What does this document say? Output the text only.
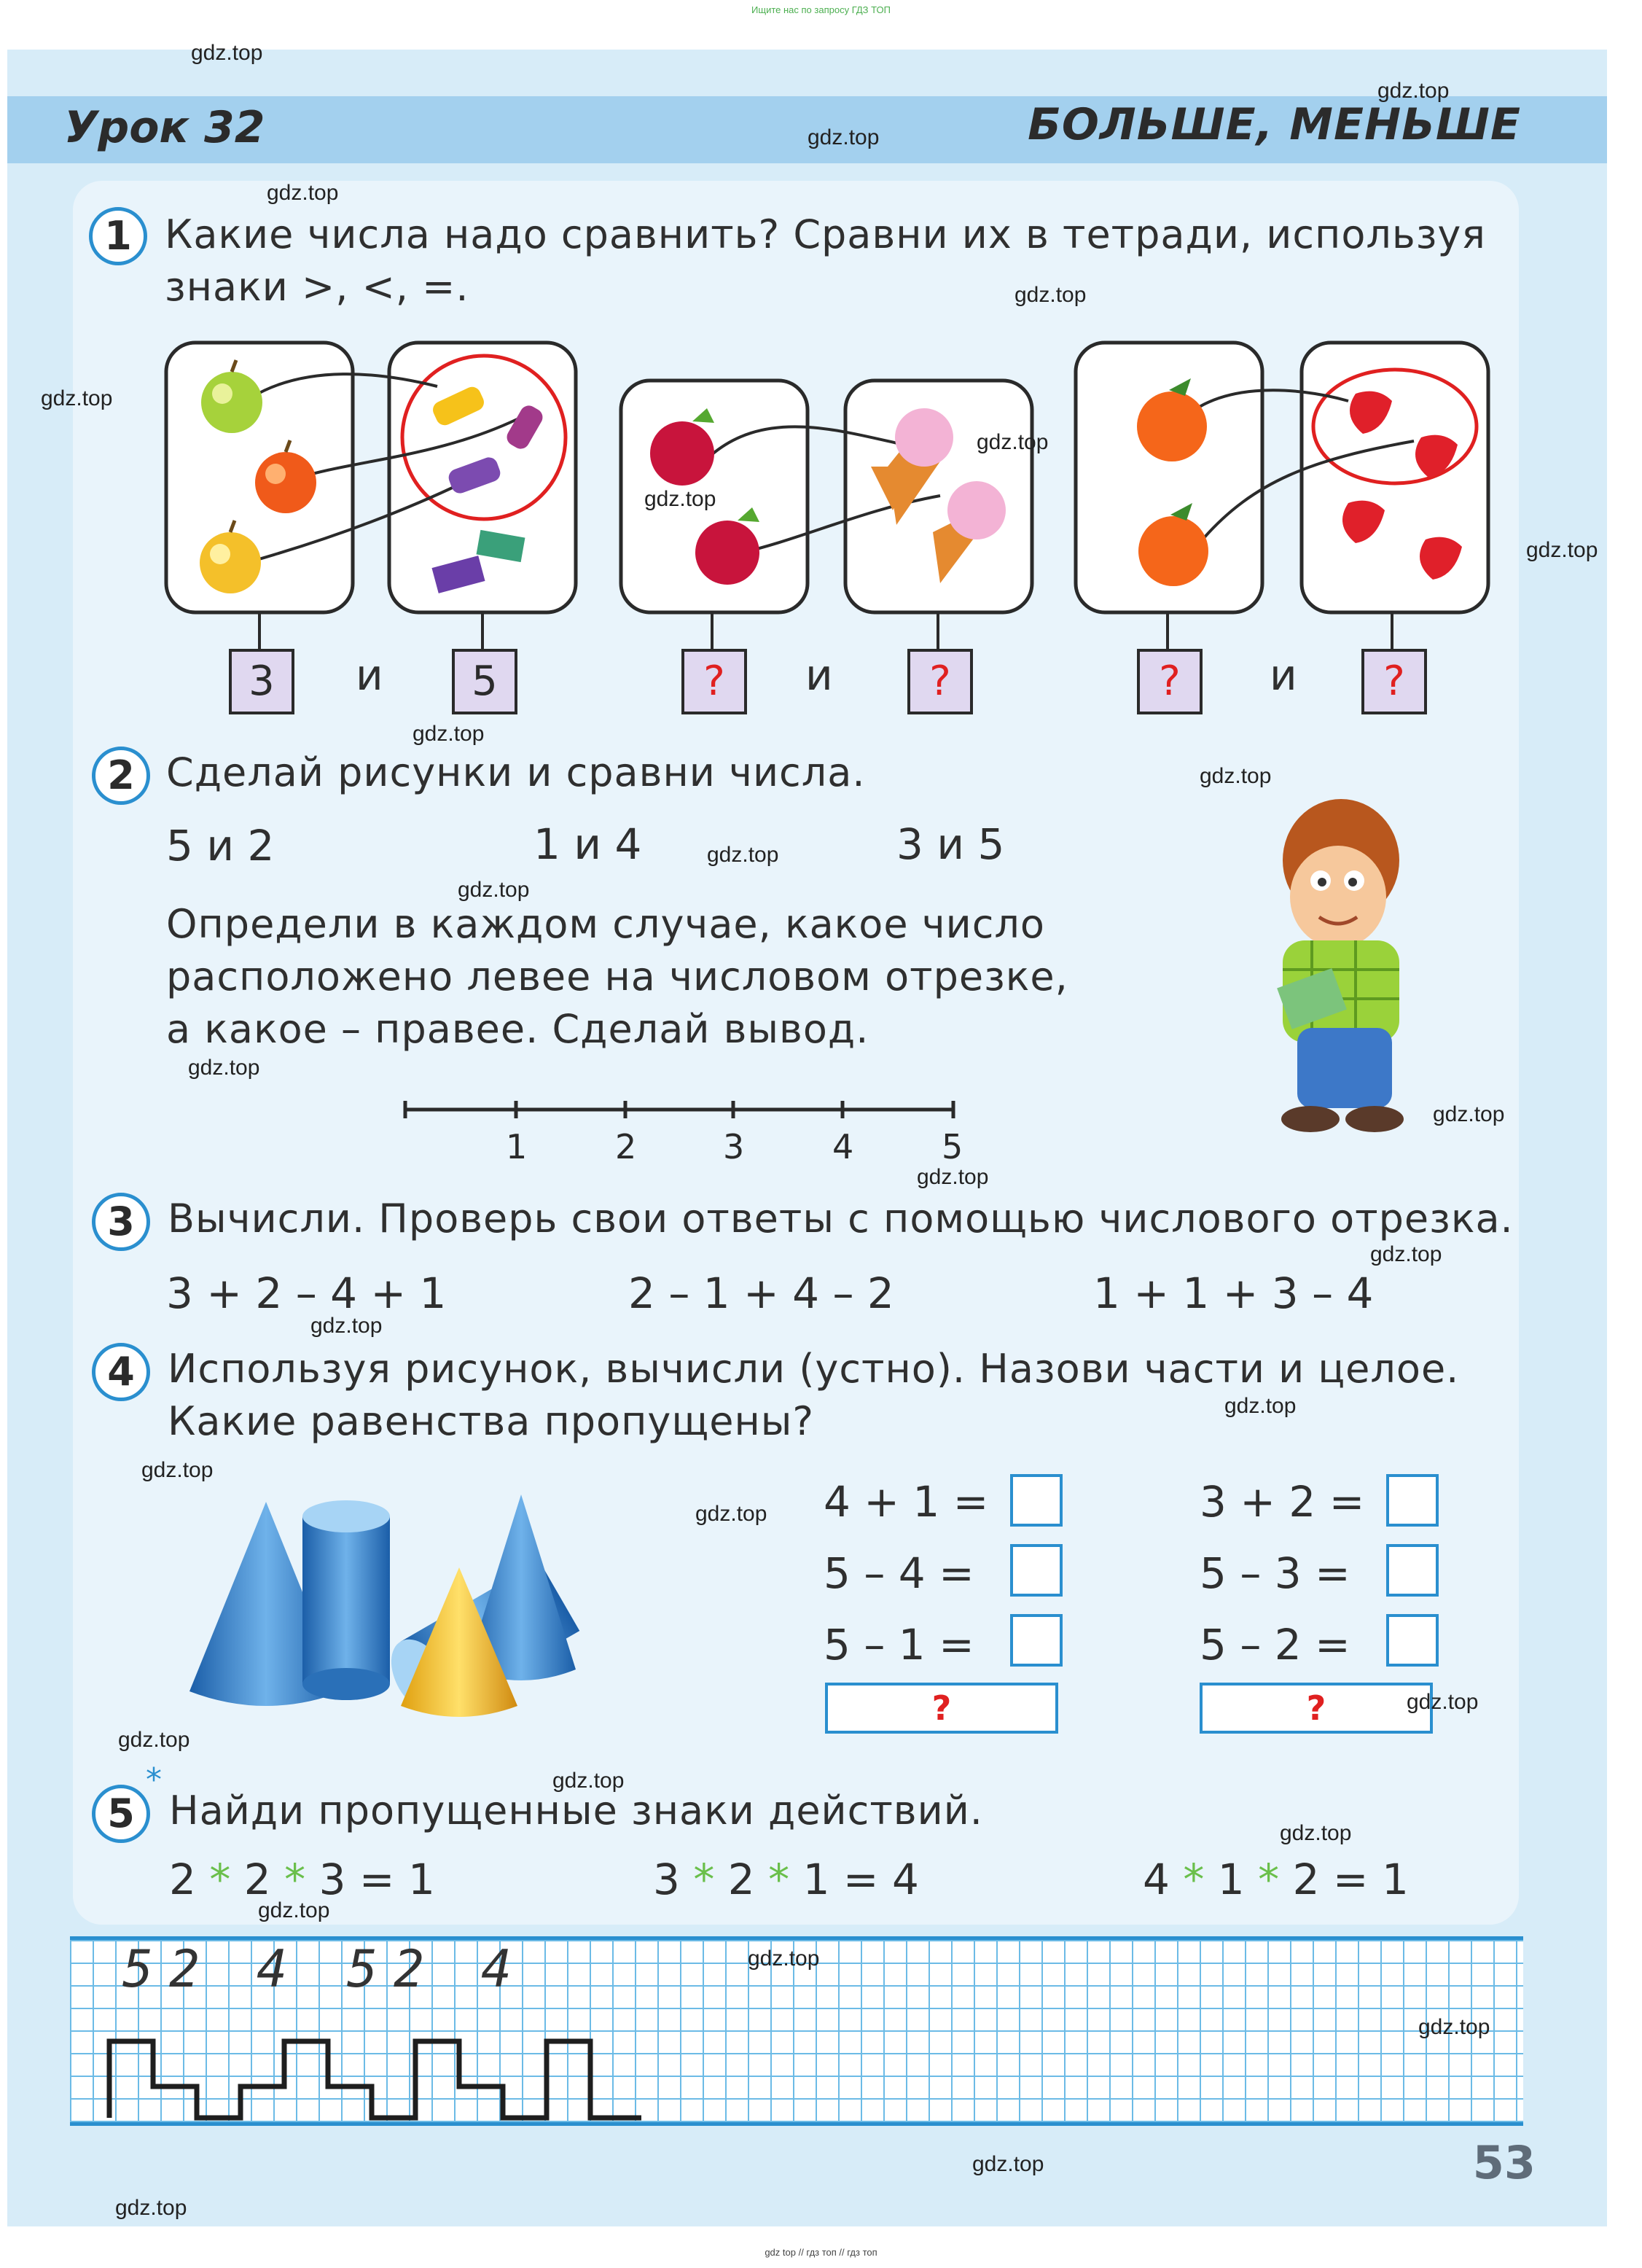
Ищите нас по запросу ГДЗ ТОП
Урок 32	БОЛЬШЕ, МЕНЬШЕ
1 Какие числа надо сравнить? Сравни их в тетради, используя
знаки >, <, =.
3	и	5	?	и	?	?	и	?
2 Сделай рисунки и сравни числа.
5 и 2	1 и 4	3 и 5
Определи в каждом случае, какое число
расположено левее на числовом отрезке,
а какое – правее. Сделай вывод.
1	2	3	4	5
3 Вычисли. Проверь свои ответы с помощью числового отрезка.
3 + 2 – 4 + 1	2 – 1 + 4 – 2	1 + 1 + 3 – 4
4 Используя рисунок, вычисли (устно). Назови части и целое.
Какие равенства пропущены?
4 + 1 =
5 – 4 =
5 – 1 =
?
3 + 2 =
5 – 3 =
5 – 2 =
?
*
5 Найди пропущенные знаки действий.
2 * 2 * 3 = 1	3 * 2 * 1 = 4	4 * 1 * 2 = 1
5 2 4 5 2 4
53
gdz top // гдз топ // гдз топ
gdz.top
gdz.top
gdz.top
gdz.top
gdz.top
gdz.top
gdz.top
gdz.top
gdz.top
gdz.top
gdz.top
gdz.top
gdz.top
gdz.top
gdz.top
gdz.top
gdz.top
gdz.top
gdz.top
gdz.top
gdz.top
gdz.top
gdz.top
gdz.top
gdz.top
gdz.top
gdz.top
gdz.top
gdz.top
gdz.top
